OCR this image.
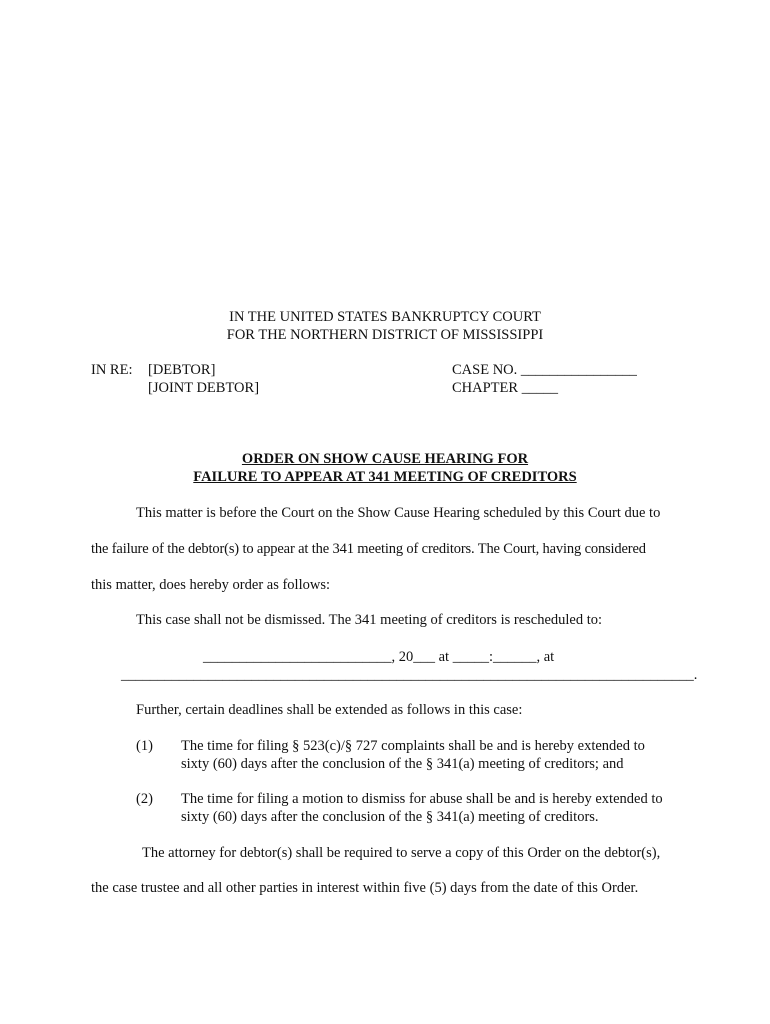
IN THE UNITED STATES BANKRUPTCY COURT
FOR THE NORTHERN DISTRICT OF MISSISSIPPI
IN RE: [DEBTOR]
[JOINT DEBTOR]
CASE NO. ________________
CHAPTER _____
ORDER ON SHOW CAUSE HEARING FOR
FAILURE TO APPEAR AT 341 MEETING OF CREDITORS
This matter is before the Court on the Show Cause Hearing scheduled by this Court due to
the failure of the debtor(s) to appear at the 341 meeting of creditors. The Court, having considered
this matter, does hereby order as follows:
This case shall not be dismissed. The 341 meeting of creditors is rescheduled to:
__________________________, 20___ at _____:______, at
_______________________________________________________________________________.
Further, certain deadlines shall be extended as follows in this case:
(1) The time for filing § 523(c)/§ 727 complaints shall be and is hereby extended to
sixty (60) days after the conclusion of the § 341(a) meeting of creditors; and
(2) The time for filing a motion to dismiss for abuse shall be and is hereby extended to
sixty (60) days after the conclusion of the § 341(a) meeting of creditors.
The attorney for debtor(s) shall be required to serve a copy of this Order on the debtor(s),
the case trustee and all other parties in interest within five (5) days from the date of this Order.
